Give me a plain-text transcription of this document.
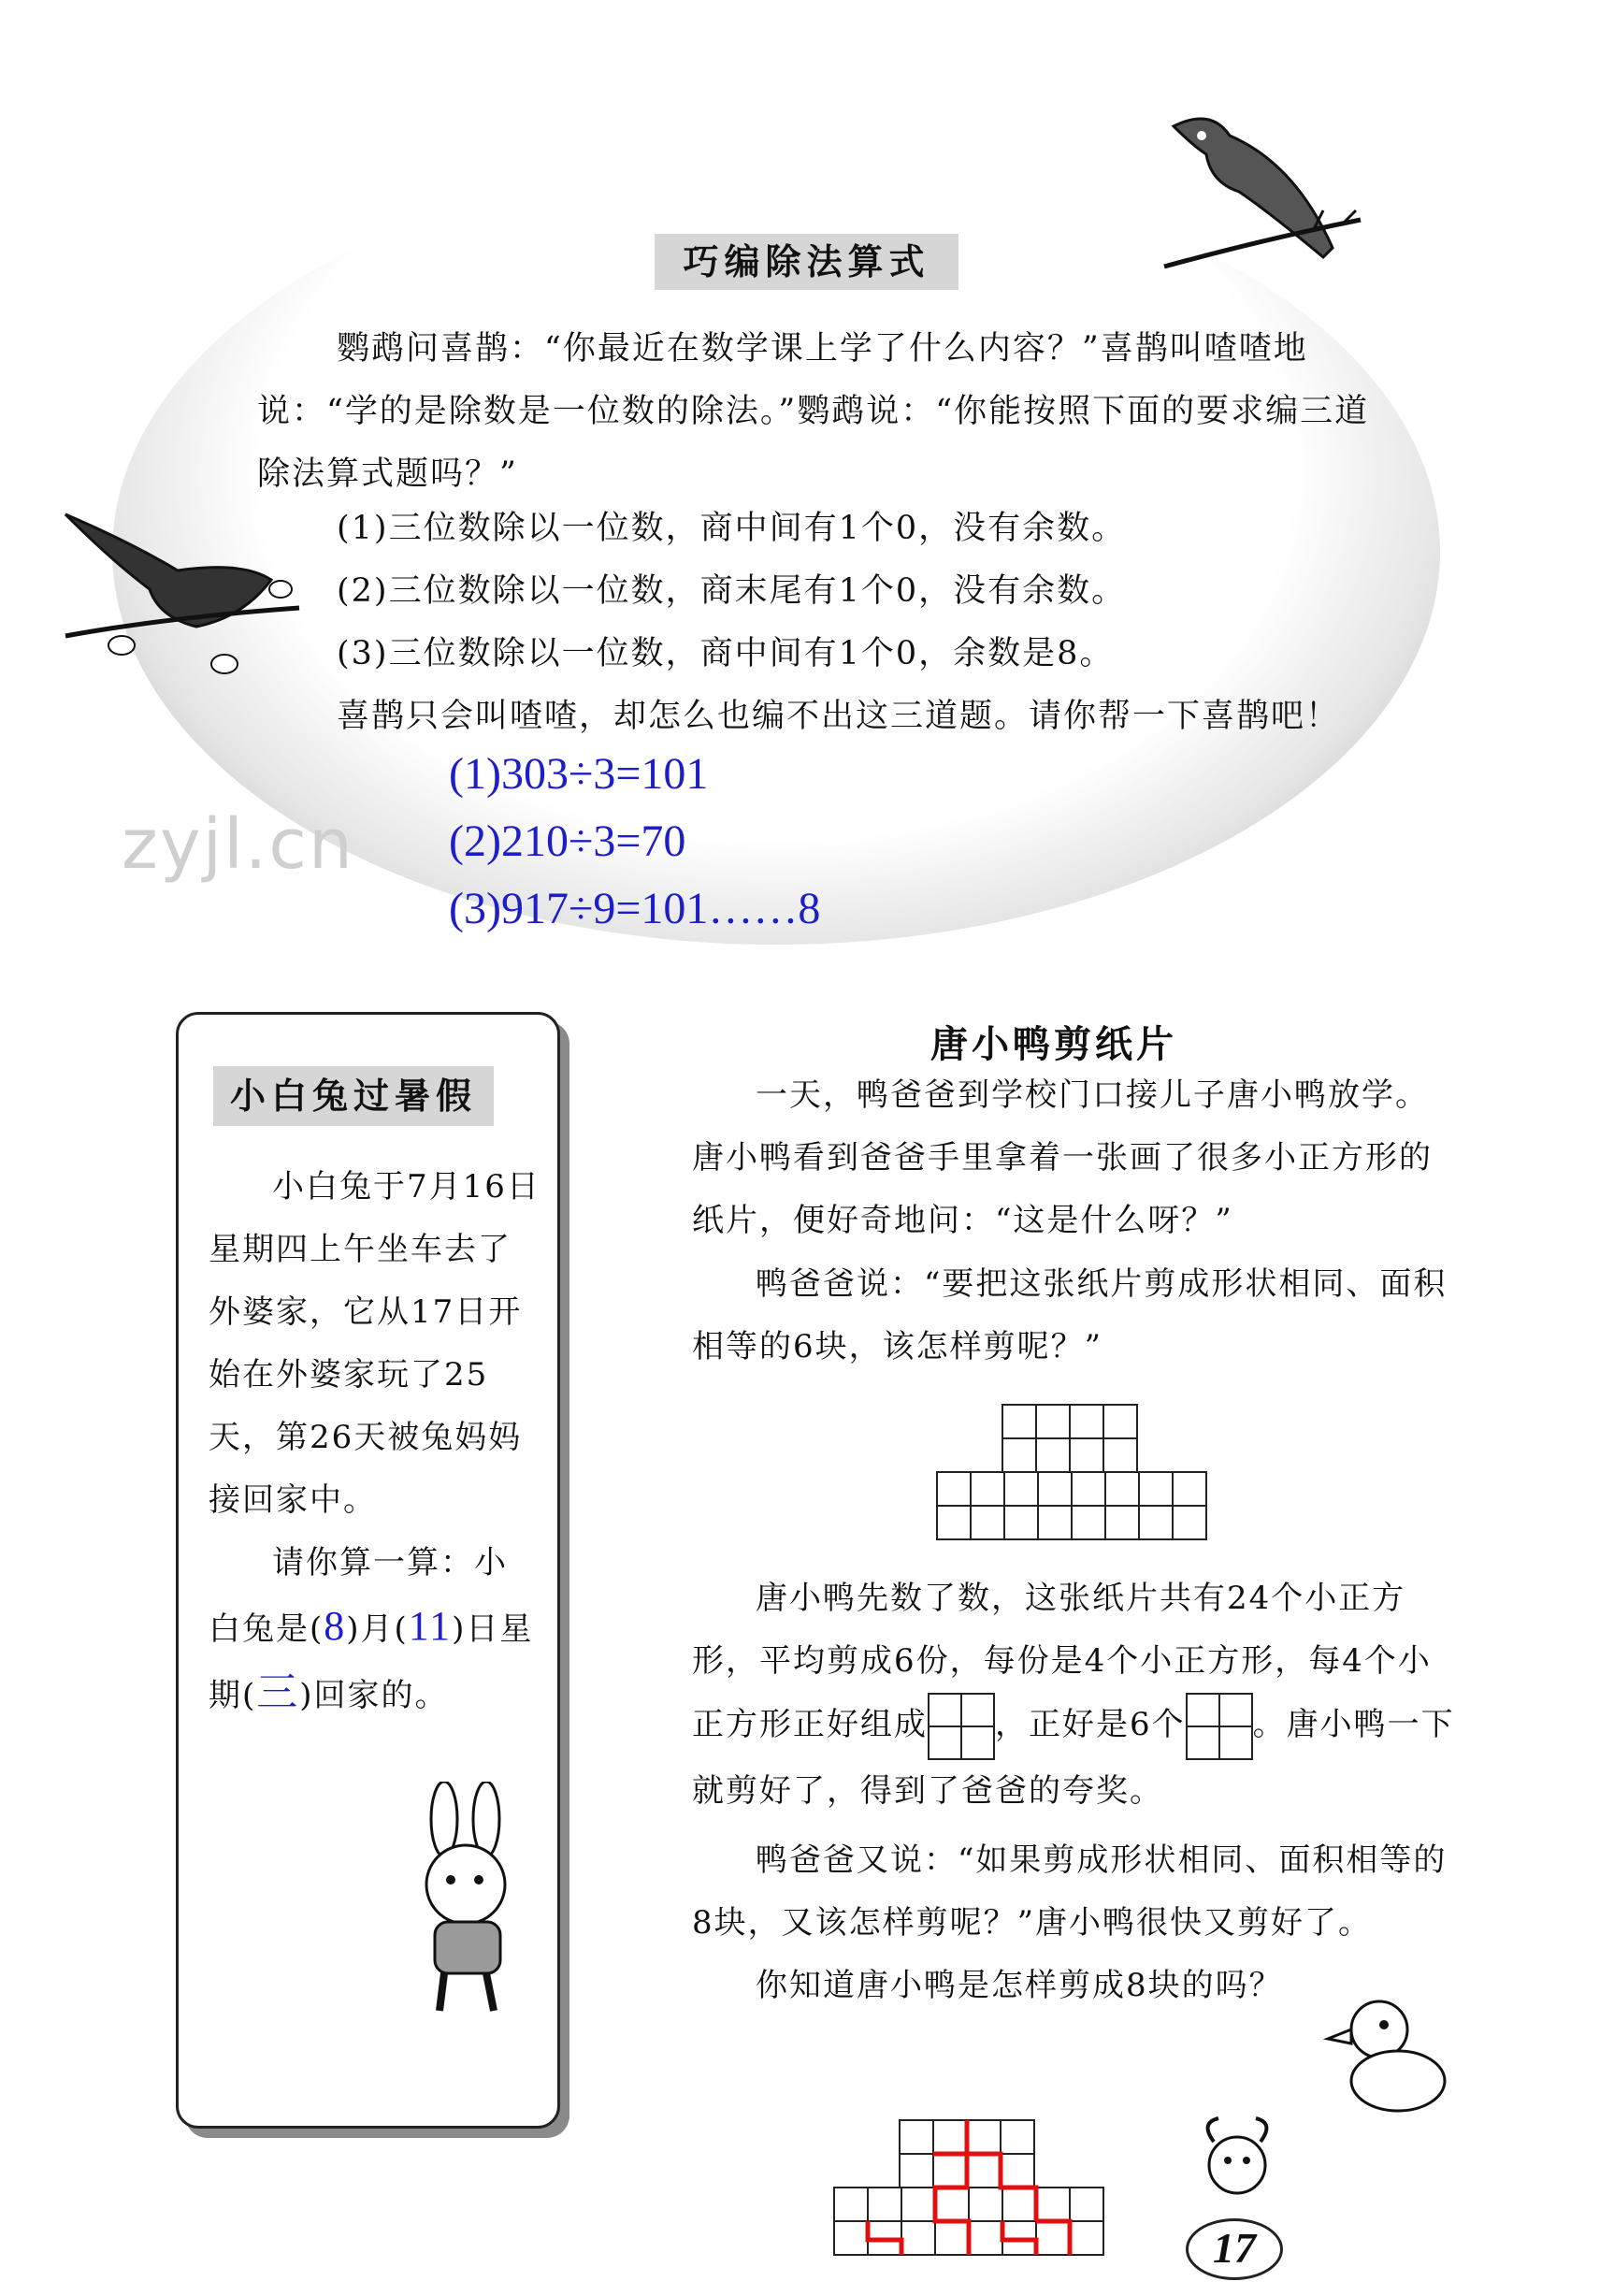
巧编除法算式
鹦鹉问喜鹊：“你最近在数学课上学了什么内容？”喜鹊叫喳喳地说：“学的是除数是一位数的除法。”鹦鹉说：“你能按照下面的要求编三道除法算式题吗？”
(1)三位数除以一位数，商中间有1个0，没有余数。
(2)三位数除以一位数，商末尾有1个0，没有余数。
(3)三位数除以一位数，商中间有1个0，余数是8。
喜鹊只会叫喳喳，却怎么也编不出这三道题。请你帮一下喜鹊吧！
(1)303÷3=101
(2)210÷3=70
(3)917÷9=101……8
zyjl.cn
小白兔过暑假
小白兔于7月16日星期四上午坐车去了外婆家，它从17日开始在外婆家玩了25天，第26天被兔妈妈接回家中。
请你算一算：小白兔是(8)月(11)日星期(三)回家的。
唐小鸭剪纸片
一天，鸭爸爸到学校门口接儿子唐小鸭放学。唐小鸭看到爸爸手里拿着一张画了很多小正方形的纸片，便好奇地问：“这是什么呀？”
鸭爸爸说：“要把这张纸片剪成形状相同、面积相等的6块，该怎样剪呢？”
唐小鸭先数了数，这张纸片共有24个小正方形，平均剪成6份，每份是4个小正方形，每4个小正方形正好组成 ，正好是6个 。唐小鸭一下就剪好了，得到了爸爸的夸奖。
鸭爸爸又说：“如果剪成形状相同、面积相等的8块，又该怎样剪呢？”唐小鸭很快又剪好了。
你知道唐小鸭是怎样剪成8块的吗？
17
